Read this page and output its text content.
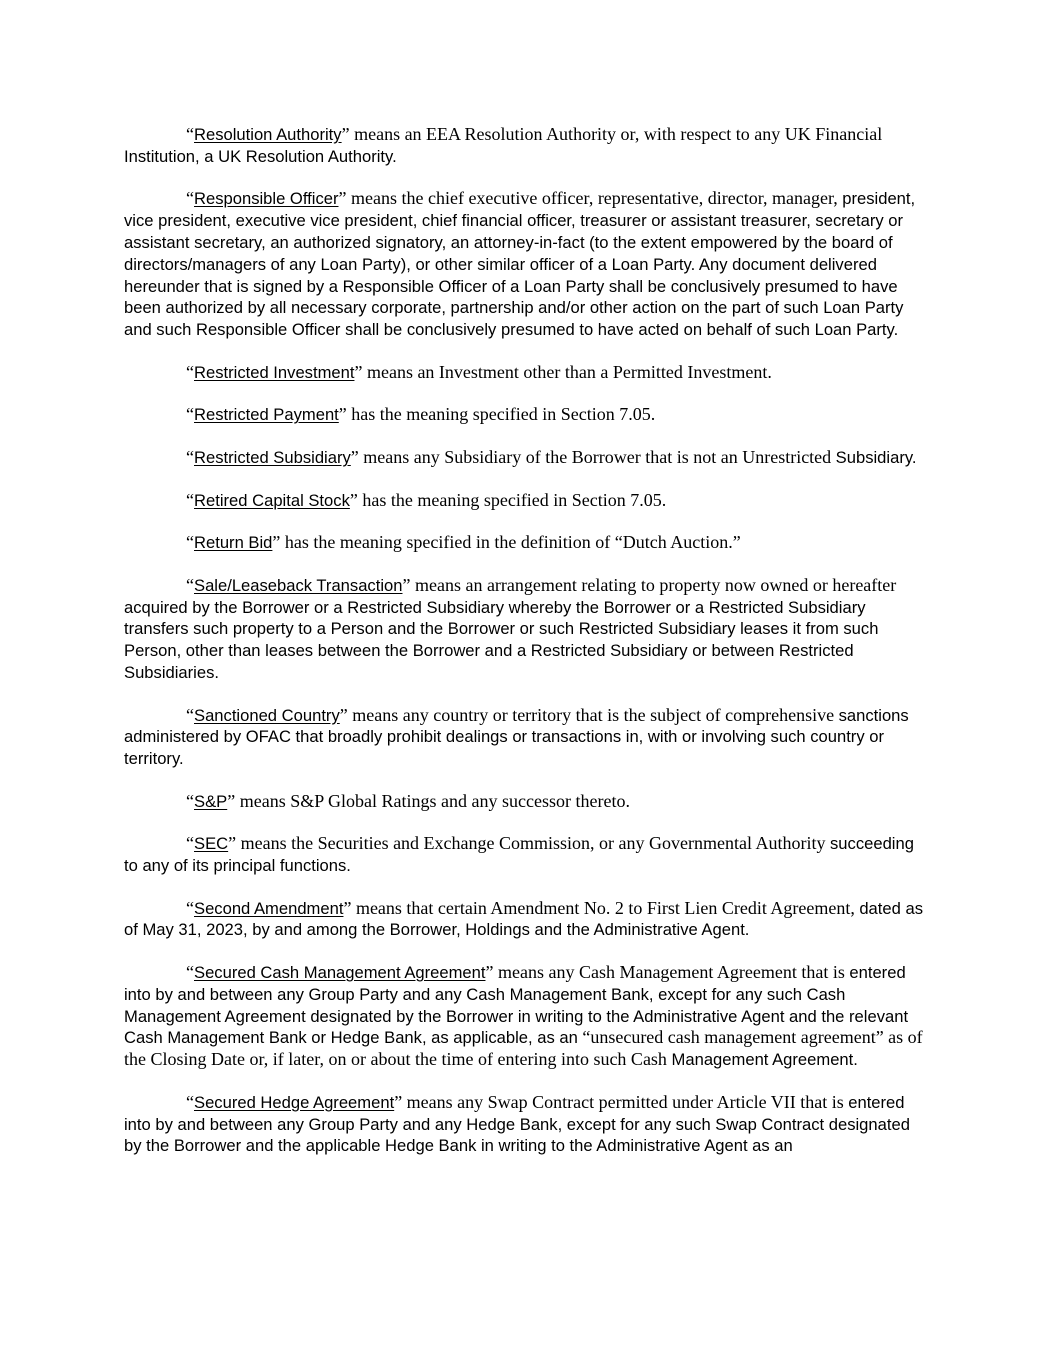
“Resolution Authority” means an EEA Resolution Authority or, with respect to any UK Financial Institution, a UK Resolution Authority.

“Responsible Officer” means the chief executive officer, representative, director, manager, president, vice president, executive vice president, chief financial officer, treasurer or assistant treasurer, secretary or assistant secretary, an authorized signatory, an attorney-in-fact (to the extent empowered by the board of directors/managers of any Loan Party), or other similar officer of a Loan Party. Any document delivered hereunder that is signed by a Responsible Officer of a Loan Party shall be conclusively presumed to have been authorized by all necessary corporate, partnership and/or other action on the part of such Loan Party and such Responsible Officer shall be conclusively presumed to have acted on behalf of such Loan Party.

“Restricted Investment” means an Investment other than a Permitted Investment.

“Restricted Payment” has the meaning specified in Section 7.05.

“Restricted Subsidiary” means any Subsidiary of the Borrower that is not an Unrestricted Subsidiary.

“Retired Capital Stock” has the meaning specified in Section 7.05.

“Return Bid” has the meaning specified in the definition of “Dutch Auction.”

“Sale/Leaseback Transaction” means an arrangement relating to property now owned or hereafter acquired by the Borrower or a Restricted Subsidiary whereby the Borrower or a Restricted Subsidiary transfers such property to a Person and the Borrower or such Restricted Subsidiary leases it from such Person, other than leases between the Borrower and a Restricted Subsidiary or between Restricted Subsidiaries.

“Sanctioned Country” means any country or territory that is the subject of comprehensive sanctions administered by OFAC that broadly prohibit dealings or transactions in, with or involving such country or territory.

“S&P” means S&P Global Ratings and any successor thereto.

“SEC” means the Securities and Exchange Commission, or any Governmental Authority succeeding to any of its principal functions.

“Second Amendment” means that certain Amendment No. 2 to First Lien Credit Agreement, dated as of May 31, 2023, by and among the Borrower, Holdings and the Administrative Agent.

“Secured Cash Management Agreement” means any Cash Management Agreement that is entered into by and between any Group Party and any Cash Management Bank, except for any such Cash Management Agreement designated by the Borrower in writing to the Administrative Agent and the relevant Cash Management Bank or Hedge Bank, as applicable, as an “unsecured cash management agreement” as of the Closing Date or, if later, on or about the time of entering into such Cash Management Agreement.

“Secured Hedge Agreement” means any Swap Contract permitted under Article VII that is entered into by and between any Group Party and any Hedge Bank, except for any such Swap Contract designated by the Borrower and the applicable Hedge Bank in writing to the Administrative Agent as an
